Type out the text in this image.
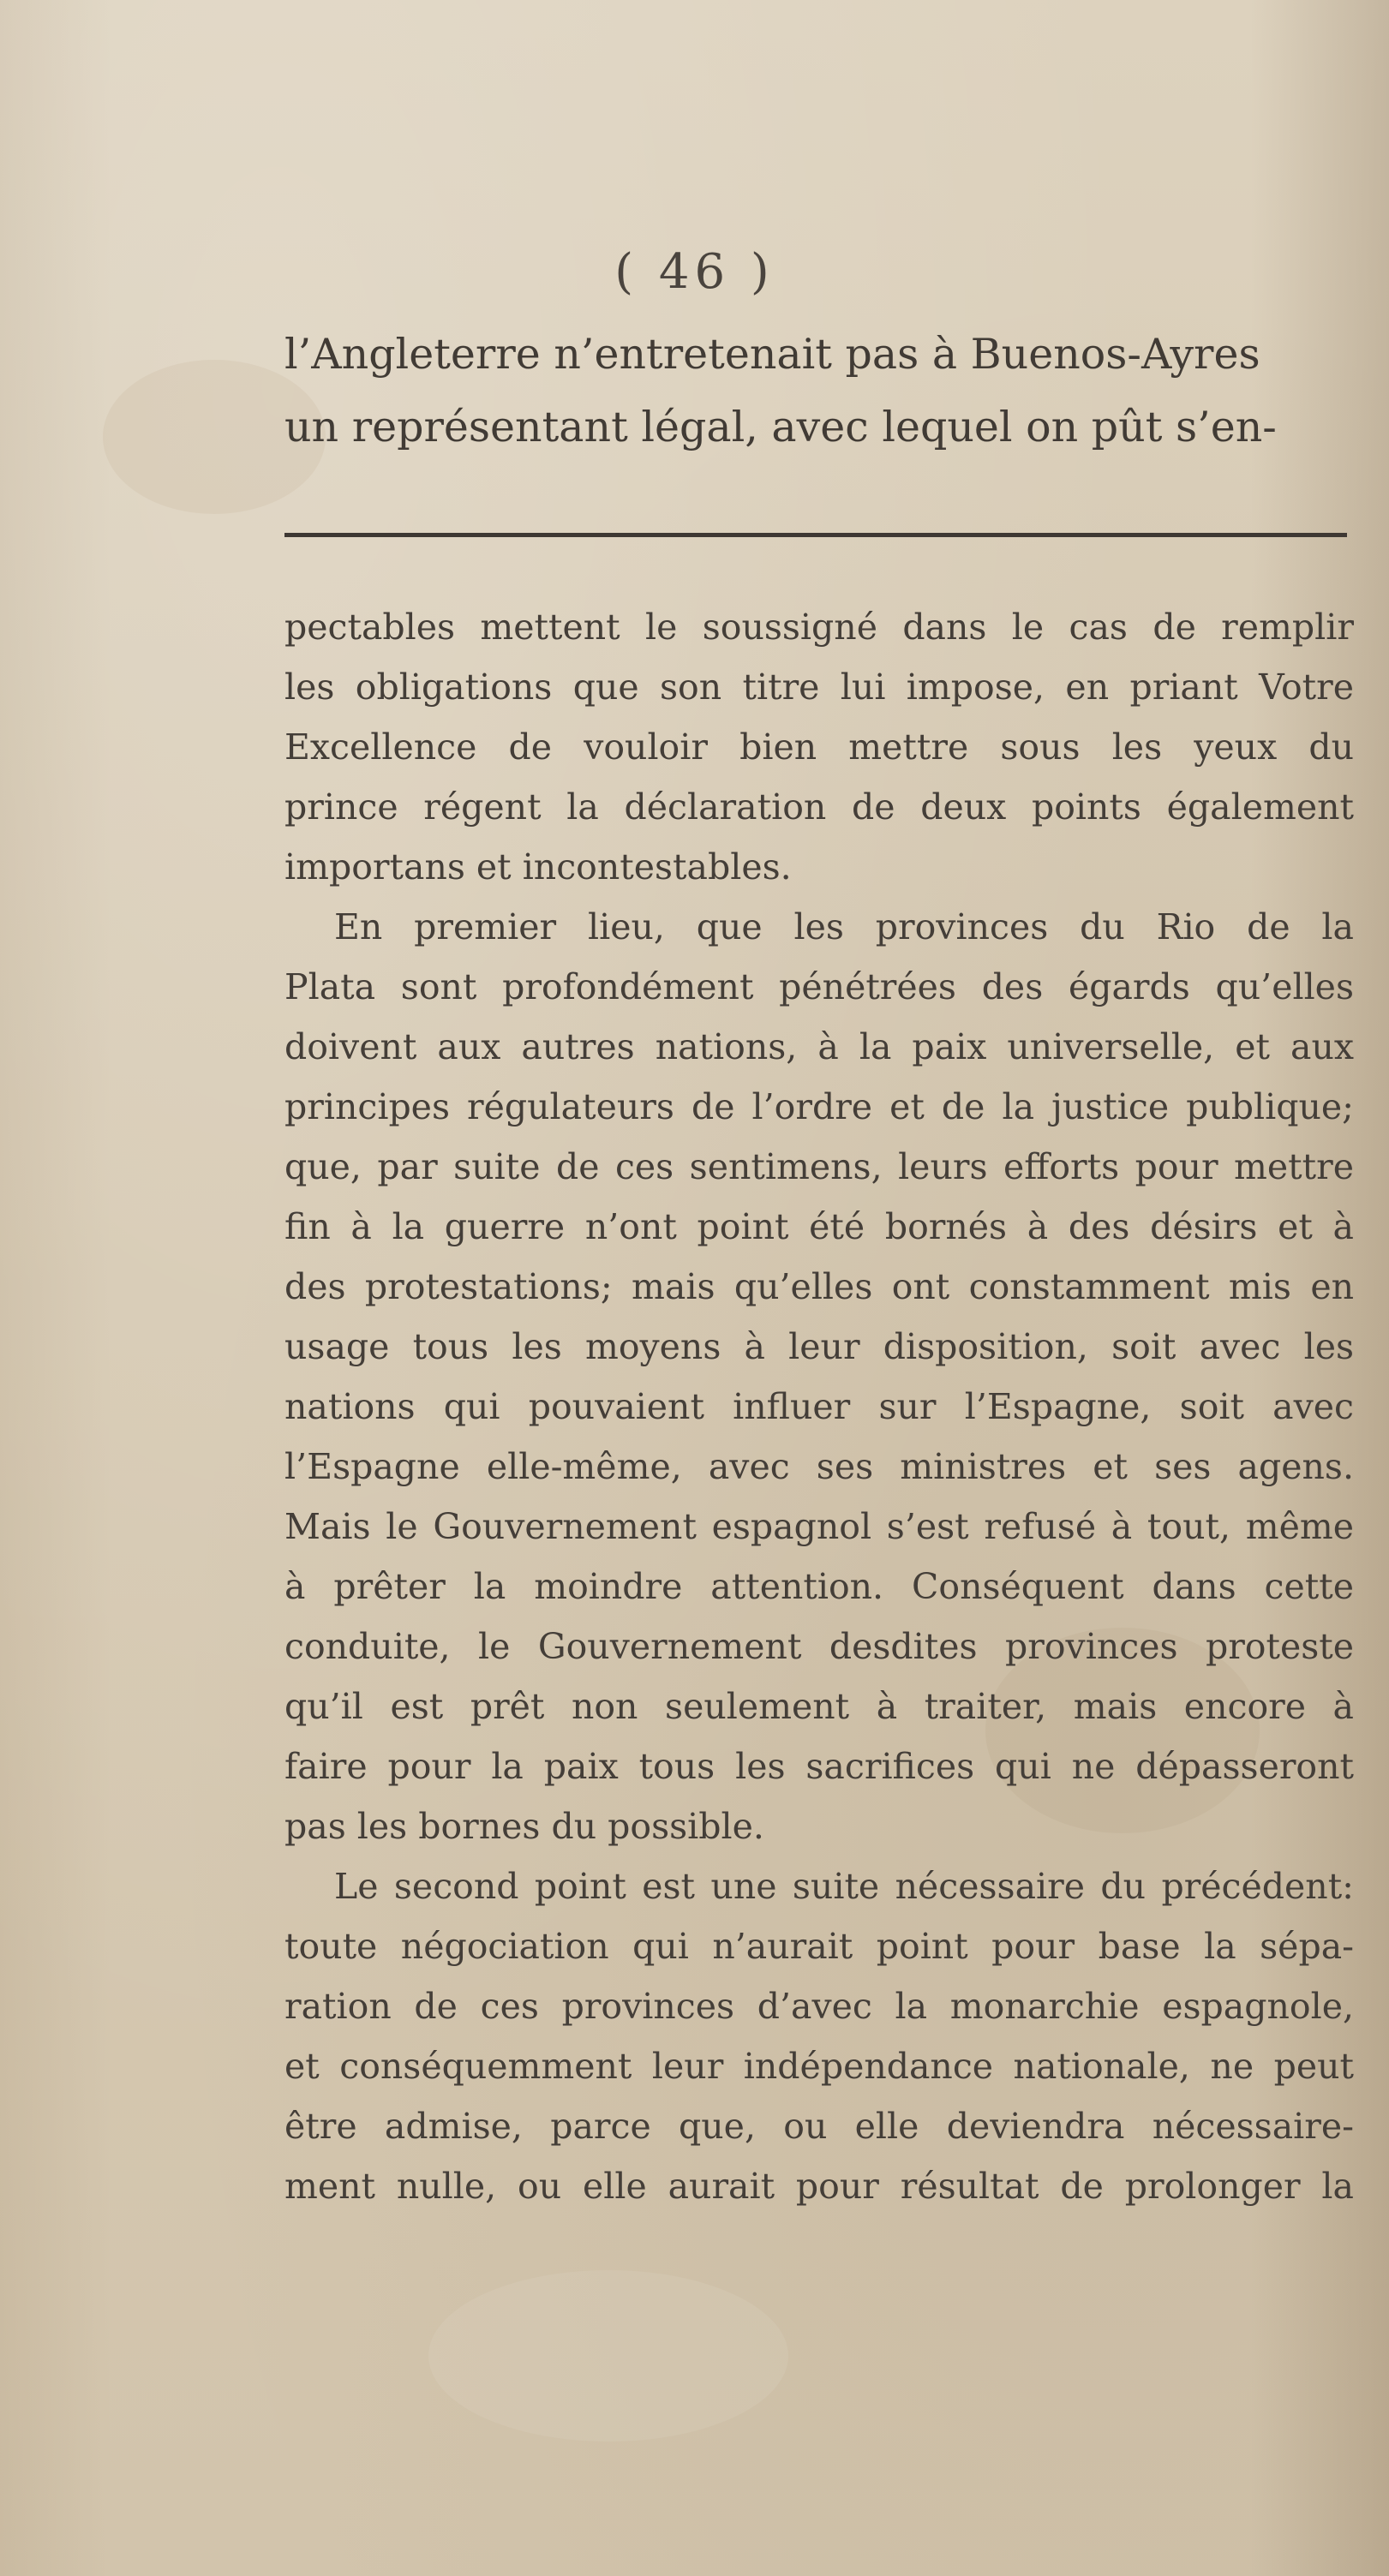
( 46 )
l’Angleterre n’entretenait pas à Buenos-Ayres
un représentant légal, avec lequel on pût s’en-
pectables mettent le soussigné dans le cas de remplir
les obligations que son titre lui impose, en priant Votre
Excellence de vouloir bien mettre sous les yeux du
prince régent la déclaration de deux points également
importans et incontestables.
En premier lieu, que les provinces du Rio de la
Plata sont profondément pénétrées des égards qu’elles
doivent aux autres nations, à la paix universelle, et aux
principes régulateurs de l’ordre et de la justice publique;
que, par suite de ces sentimens, leurs efforts pour mettre
fin à la guerre n’ont point été bornés à des désirs et à
des protestations; mais qu’elles ont constamment mis en
usage tous les moyens à leur disposition, soit avec les
nations qui pouvaient influer sur l’Espagne, soit avec
l’Espagne elle-même, avec ses ministres et ses agens.
Mais le Gouvernement espagnol s’est refusé à tout, même
à prêter la moindre attention. Conséquent dans cette
conduite, le Gouvernement desdites provinces proteste
qu’il est prêt non seulement à traiter, mais encore à
faire pour la paix tous les sacrifices qui ne dépasseront
pas les bornes du possible.
Le second point est une suite nécessaire du précédent:
toute négociation qui n’aurait point pour base la sépa-
ration de ces provinces d’avec la monarchie espagnole,
et conséquemment leur indépendance nationale, ne peut
être admise, parce que, ou elle deviendra nécessaire-
ment nulle, ou elle aurait pour résultat de prolonger la
